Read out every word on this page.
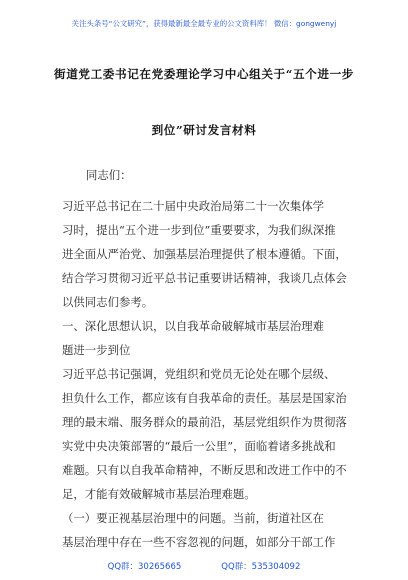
关注头条号“公文研究”，获得最新最全最专业的公文资料库！ 微信：gongwenyj
街道党工委书记在党委理论学习中心组关于“五个进一步
到位”研讨发言材料
同志们：
习近平总书记在二十届中央政治局第二十一次集体学
习时，提出“五个进一步到位”重要要求，为我们纵深推
进全面从严治党、加强基层治理提供了根本遵循。下面，
结合学习贯彻习近平总书记重要讲话精神，我谈几点体会
以供同志们参考。
一、深化思想认识，以自我革命破解城市基层治理难
题进一步到位
习近平总书记强调，党组织和党员无论处在哪个层级、
担负什么工作，都应该有自我革命的责任。基层是国家治
理的最末端、服务群众的最前沿，基层党组织作为贯彻落
实党中央决策部署的“最后一公里”，面临着诸多挑战和
难题。只有以自我革命精神，不断反思和改进工作中的不
足，才能有效破解城市基层治理难题。
（一）要正视基层治理中的问题。当前，街道社区在
基层治理中存在一些不容忽视的问题，如部分干部工作
QQ群：30265665	QQ群：535304092
